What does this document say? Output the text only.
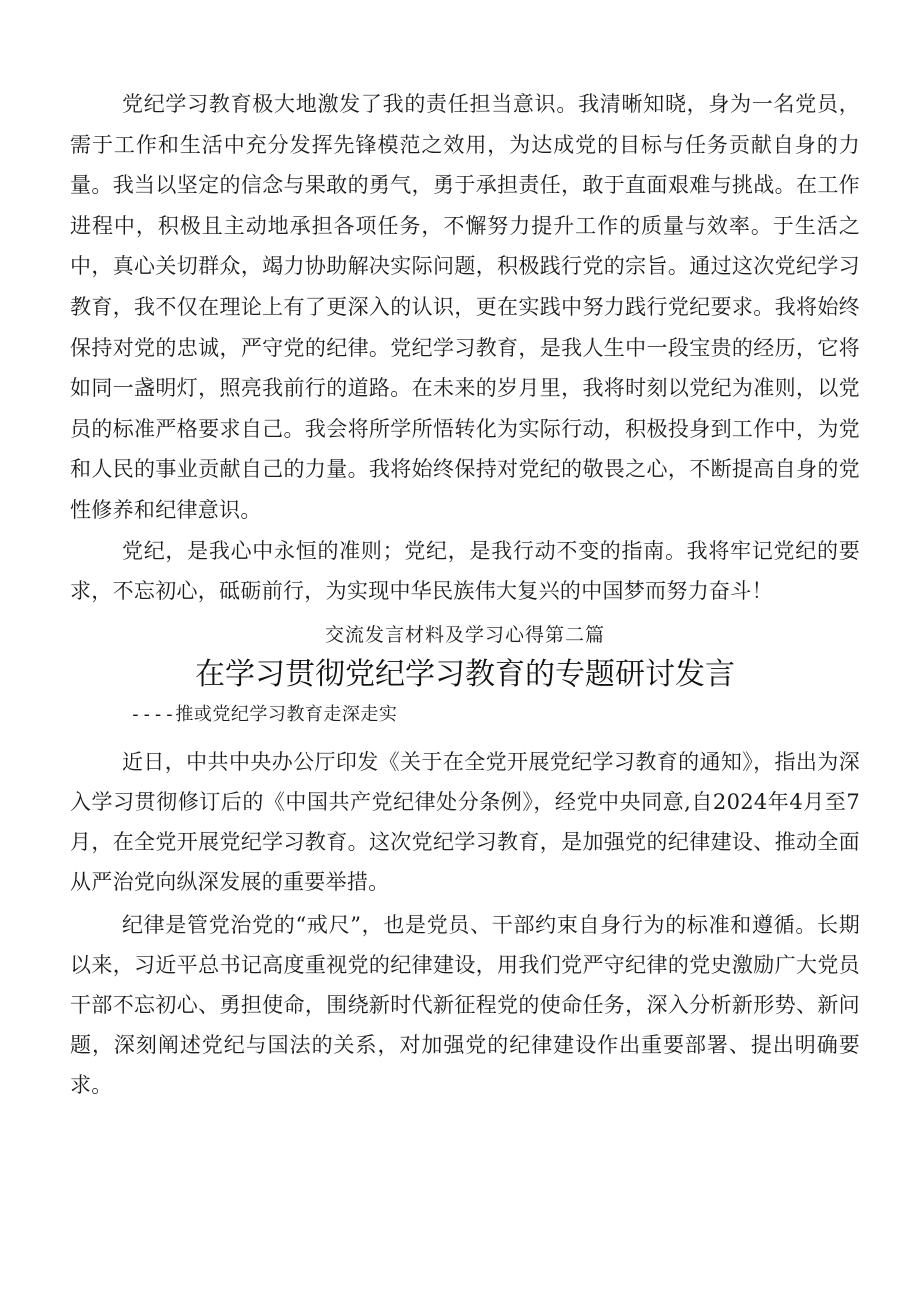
党纪学习教育极大地激发了我的责任担当意识。我清晰知晓，身为一名党员，需于工作和生活中充分发挥先锋模范之效用，为达成党的目标与任务贡献自身的力量。我当以坚定的信念与果敢的勇气，勇于承担责任，敢于直面艰难与挑战。在工作进程中，积极且主动地承担各项任务，不懈努力提升工作的质量与效率。于生活之中，真心关切群众，竭力协助解决实际问题，积极践行党的宗旨。通过这次党纪学习教育，我不仅在理论上有了更深入的认识，更在实践中努力践行党纪要求。我将始终保持对党的忠诚，严守党的纪律。党纪学习教育，是我人生中一段宝贵的经历，它将如同一盏明灯，照亮我前行的道路。在未来的岁月里，我将时刻以党纪为准则，以党员的标准严格要求自己。我会将所学所悟转化为实际行动，积极投身到工作中，为党和人民的事业贡献自己的力量。我将始终保持对党纪的敬畏之心，不断提高自身的党性修养和纪律意识。

党纪，是我心中永恒的准则；党纪，是我行动不变的指南。我将牢记党纪的要求，不忘初心，砥砺前行，为实现中华民族伟大复兴的中国梦而努力奋斗！

交流发言材料及学习心得第二篇
在学习贯彻党纪学习教育的专题研讨发言
----推或党纪学习教育走深走实

近日，中共中央办公厅印发《关于在全党开展党纪学习教育的通知》，指出为深入学习贯彻修订后的《中国共产党纪律处分条例》，经党中央同意,自2024年4月至7月，在全党开展党纪学习教育。这次党纪学习教育，是加强党的纪律建设、推动全面从严治党向纵深发展的重要举措。

纪律是管党治党的“戒尺”，也是党员、干部约束自身行为的标准和遵循。长期以来，习近平总书记高度重视党的纪律建设，用我们党严守纪律的党史激励广大党员干部不忘初心、勇担使命，围绕新时代新征程党的使命任务，深入分析新形势、新问题，深刻阐述党纪与国法的关系，对加强党的纪律建设作出重要部署、提出明确要求。
